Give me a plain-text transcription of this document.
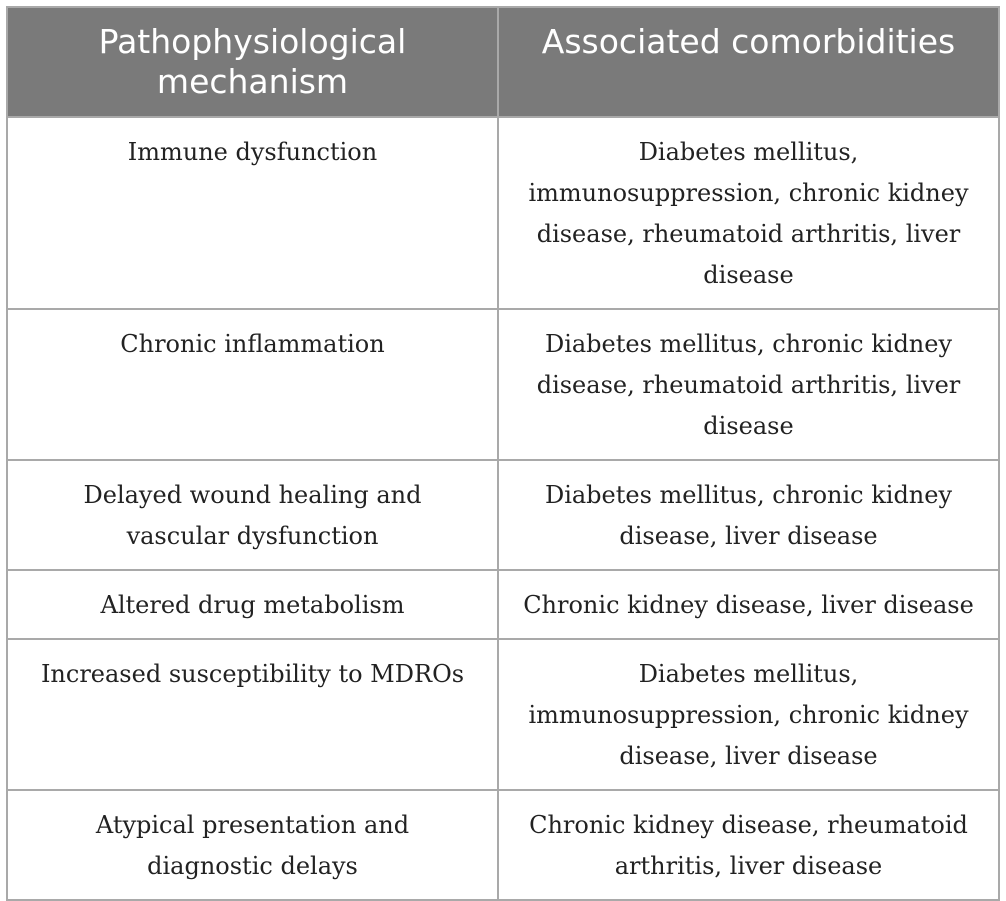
Pathophysiological mechanism	Associated comorbidities
Immune dysfunction	Diabetes mellitus, immunosuppression, chronic kidney disease, rheumatoid arthritis, liver disease
Chronic inflammation	Diabetes mellitus, chronic kidney disease, rheumatoid arthritis, liver disease
Delayed wound healing and vascular dysfunction	Diabetes mellitus, chronic kidney disease, liver disease
Altered drug metabolism	Chronic kidney disease, liver disease
Increased susceptibility to MDROs	Diabetes mellitus, immunosuppression, chronic kidney disease, liver disease
Atypical presentation and diagnostic delays	Chronic kidney disease, rheumatoid arthritis, liver disease
